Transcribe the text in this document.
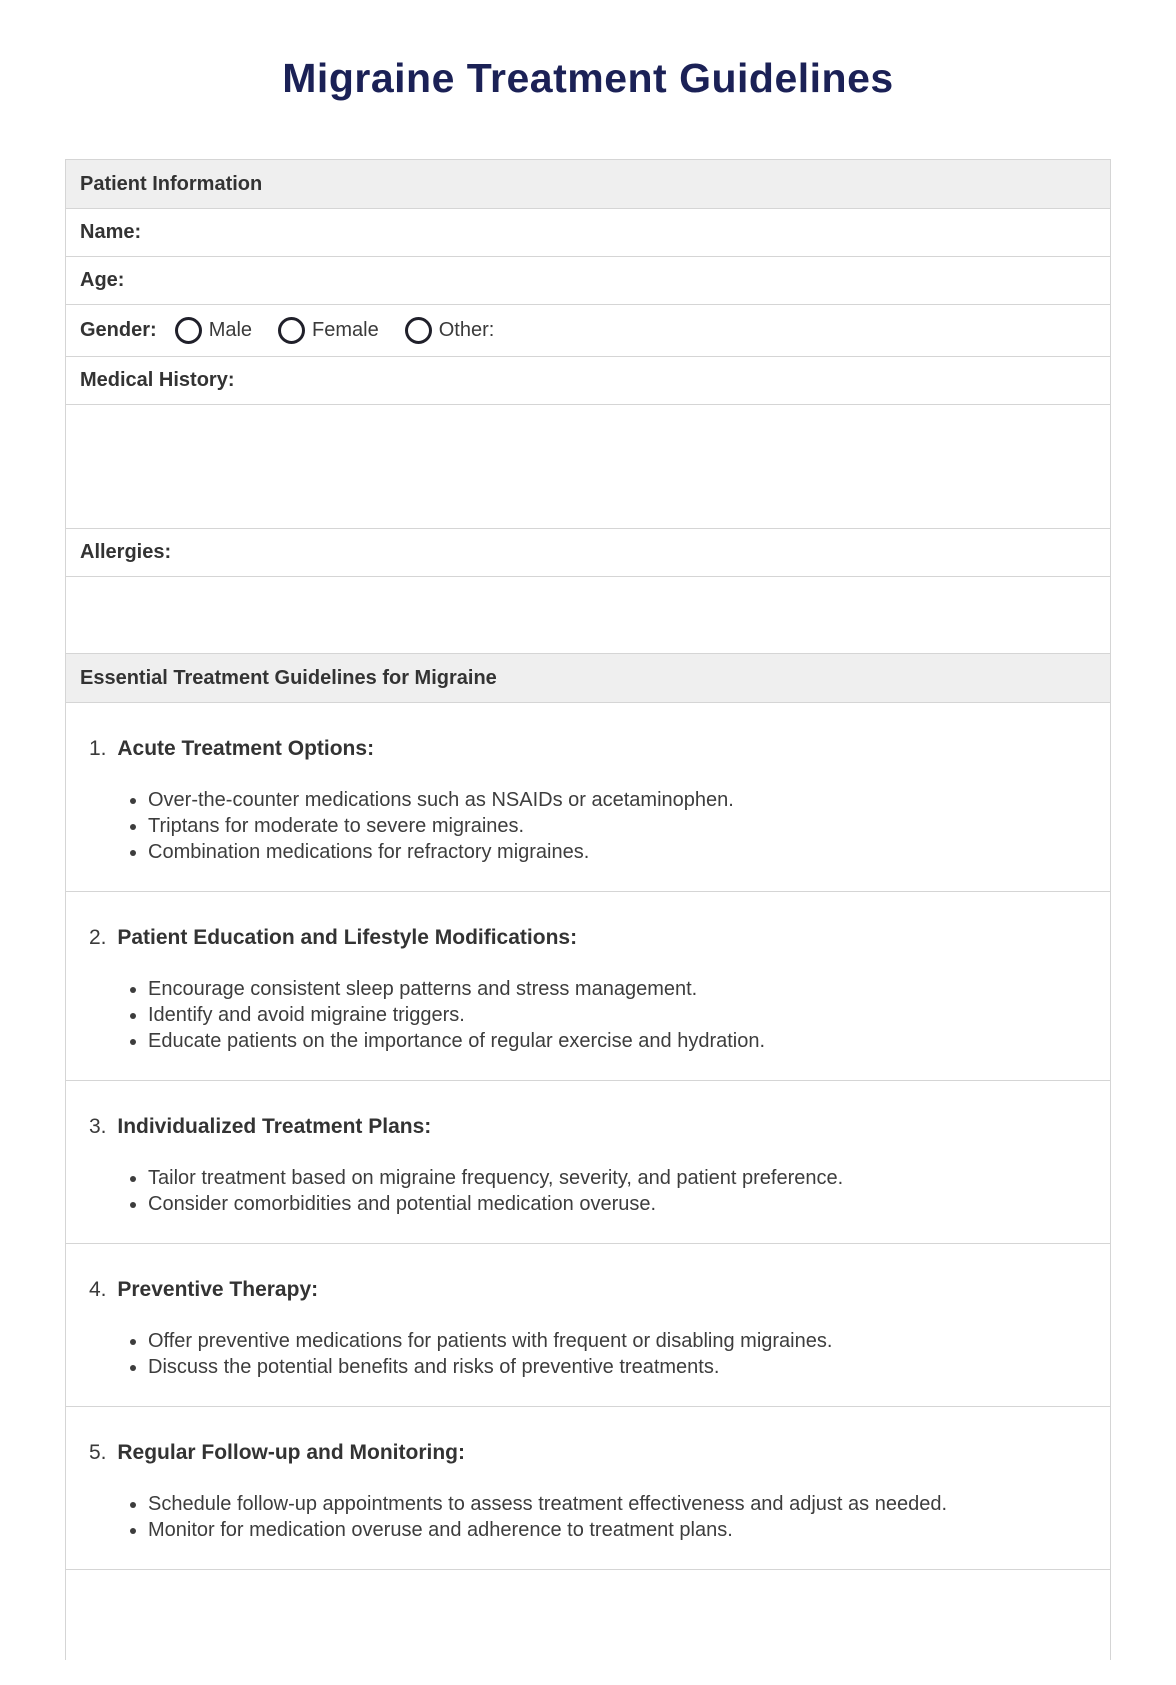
Migraine Treatment Guidelines
Patient Information
Name:
Age:
Gender:	Male	Female	Other:
Medical History:
Allergies:
Essential Treatment Guidelines for Migraine
1. Acute Treatment Options:
• Over-the-counter medications such as NSAIDs or acetaminophen.
• Triptans for moderate to severe migraines.
• Combination medications for refractory migraines.
2. Patient Education and Lifestyle Modifications:
• Encourage consistent sleep patterns and stress management.
• Identify and avoid migraine triggers.
• Educate patients on the importance of regular exercise and hydration.
3. Individualized Treatment Plans:
• Tailor treatment based on migraine frequency, severity, and patient preference.
• Consider comorbidities and potential medication overuse.
4. Preventive Therapy:
• Offer preventive medications for patients with frequent or disabling migraines.
• Discuss the potential benefits and risks of preventive treatments.
5. Regular Follow-up and Monitoring:
• Schedule follow-up appointments to assess treatment effectiveness and adjust as needed.
• Monitor for medication overuse and adherence to treatment plans.
